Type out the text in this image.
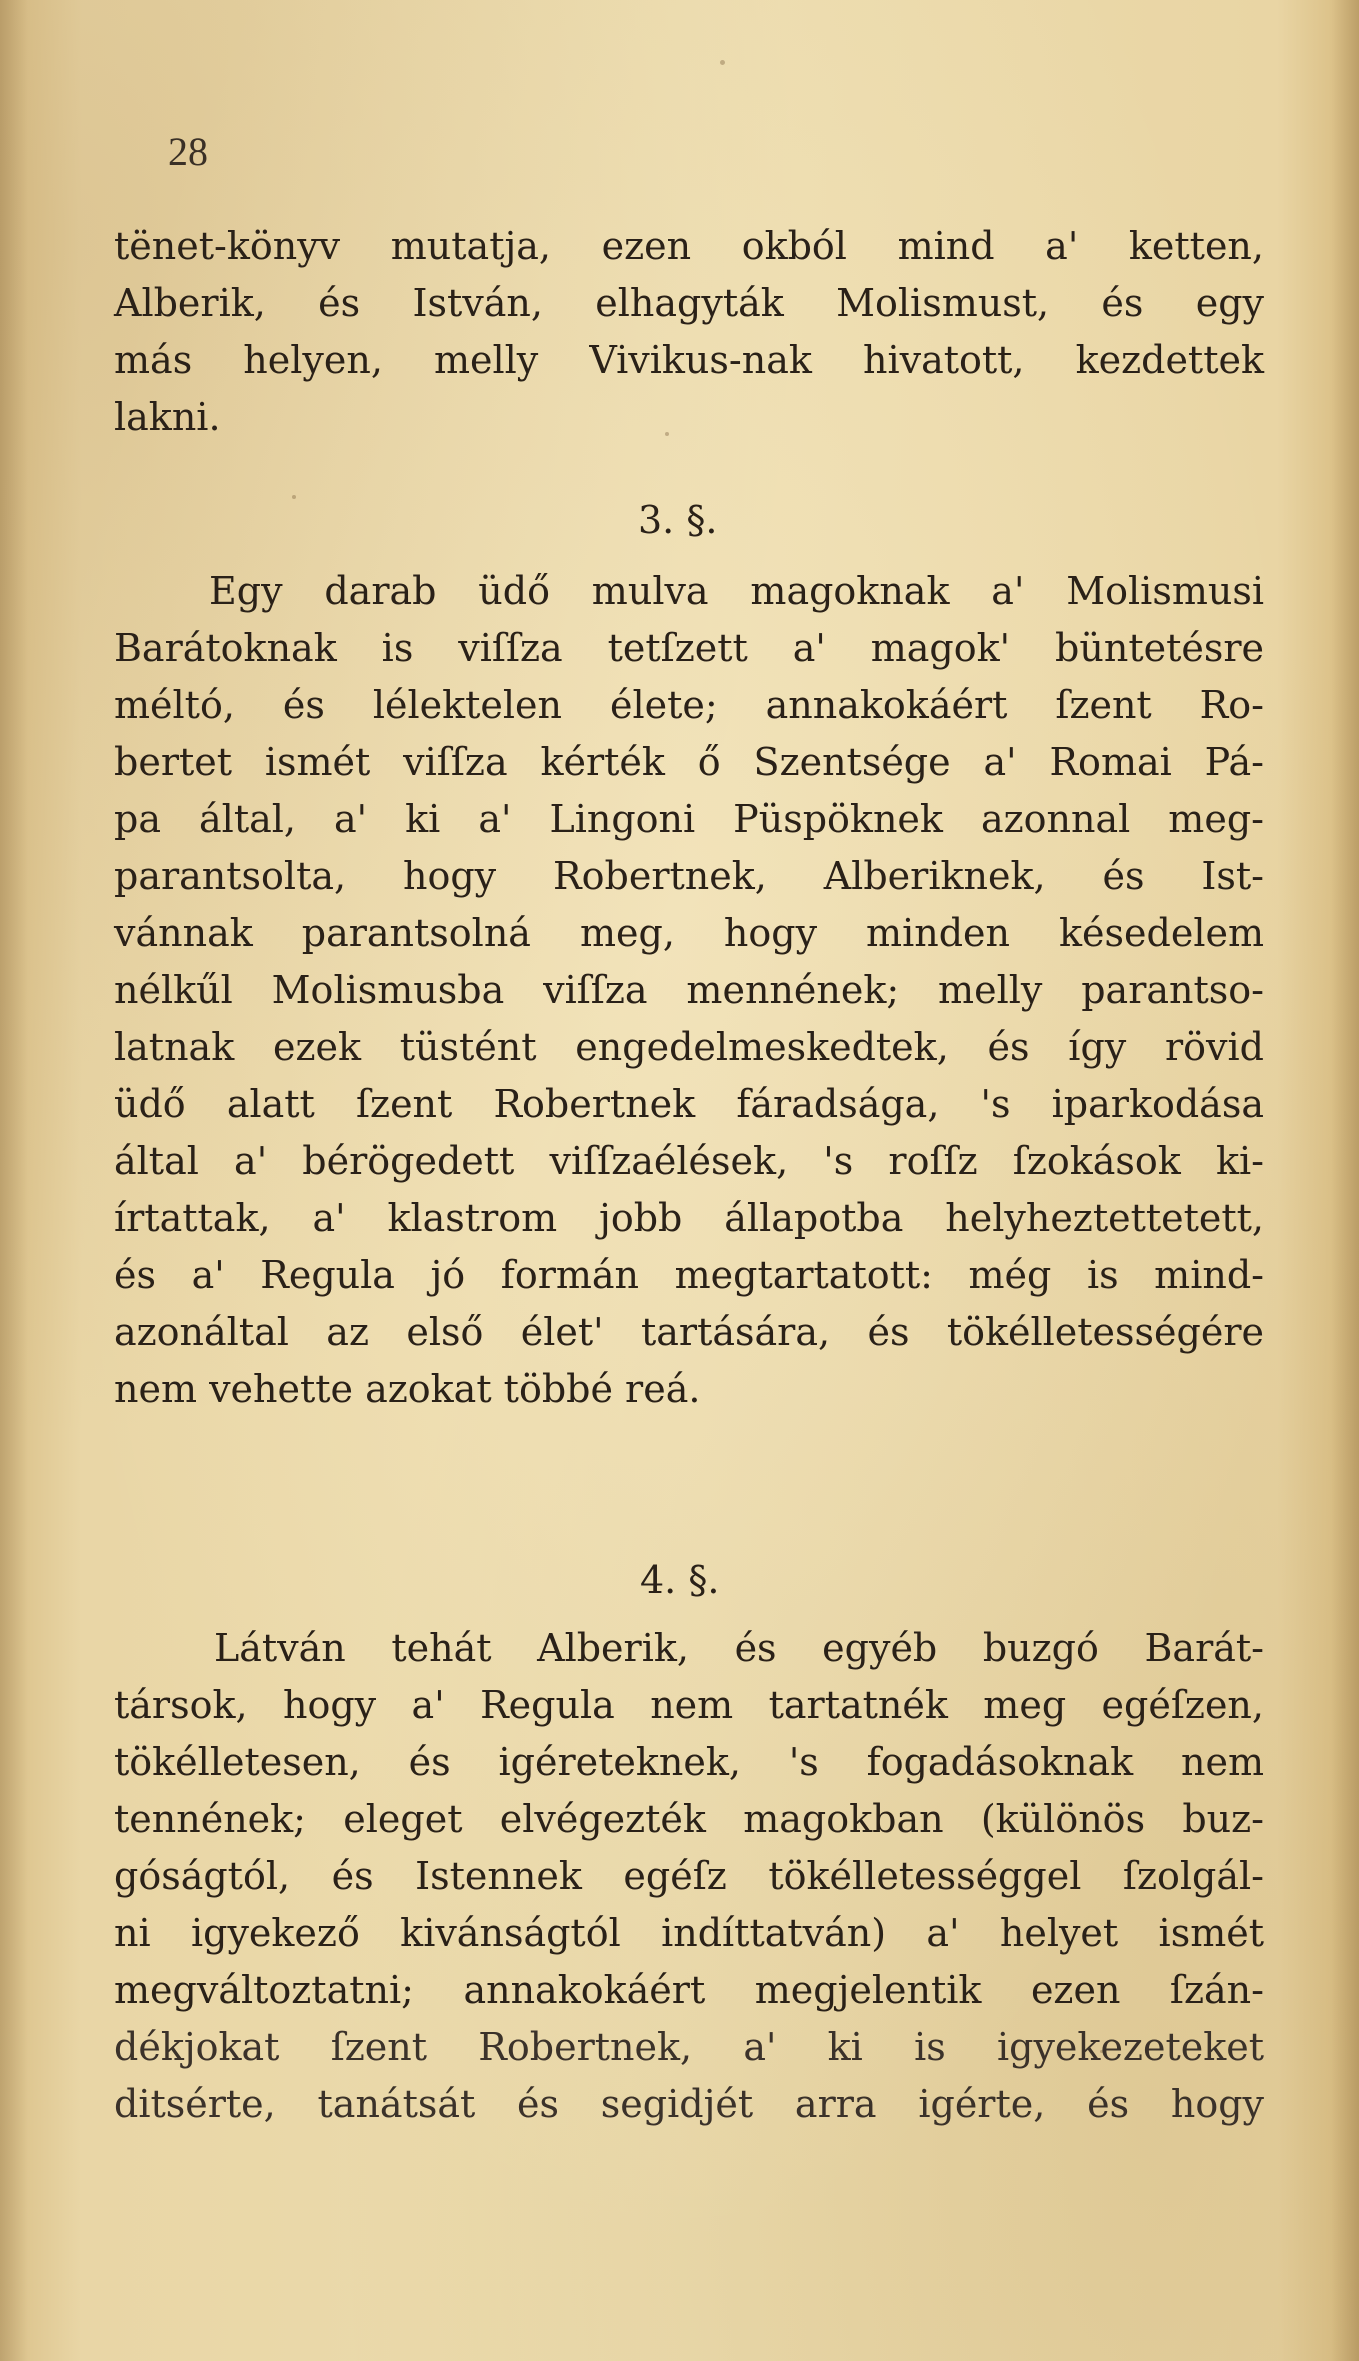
28
tënet-könyv mutatja, ezen okból mind a' ketten,
Alberik, és István, elhagyták Molismust, és egy
más helyen, melly Vivikus-nak hivatott, kezdettek
lakni.
3. §.
Egy darab üdő mulva magoknak a' Molismusi
Barátoknak is viſſza tetſzett a' magok' büntetésre
méltó, és lélektelen élete; annakokáért ſzent Ro-
bertet ismét viſſza kérték ő Szentsége a' Romai Pá-
pa által, a' ki a' Lingoni Püspöknek azonnal meg-
parantsolta, hogy Robertnek, Alberiknek, és Ist-
vánnak parantsolná meg, hogy minden késedelem
nélkűl Molismusba viſſza mennének; melly parantso-
latnak ezek tüstént engedelmeskedtek, és így rövid
üdő alatt ſzent Robertnek fáradsága, 's iparkodása
által a' bérögedett viſſzaélések, 's roſſz ſzokások ki-
írtattak, a' klastrom jobb állapotba helyheztettetett,
és a' Regula jó formán megtartatott: még is mind-
azonáltal az első élet' tartására, és tökélletességére
nem vehette azokat többé reá.
4. §.
Látván tehát Alberik, és egyéb buzgó Barát-
társok, hogy a' Regula nem tartatnék meg egéſzen,
tökélletesen, és igéreteknek, 's fogadásoknak nem
tennének; eleget elvégezték magokban (különös buz-
góságtól, és Istennek egéſz tökélletességgel ſzolgál-
ni igyekező kivánságtól indíttatván) a' helyet ismét
megváltoztatni; annakokáért megjelentik ezen ſzán-
dékjokat ſzent Robertnek, a' ki is igyekezeteket
ditsérte, tanátsát és segidjét arra igérte, és hogy
